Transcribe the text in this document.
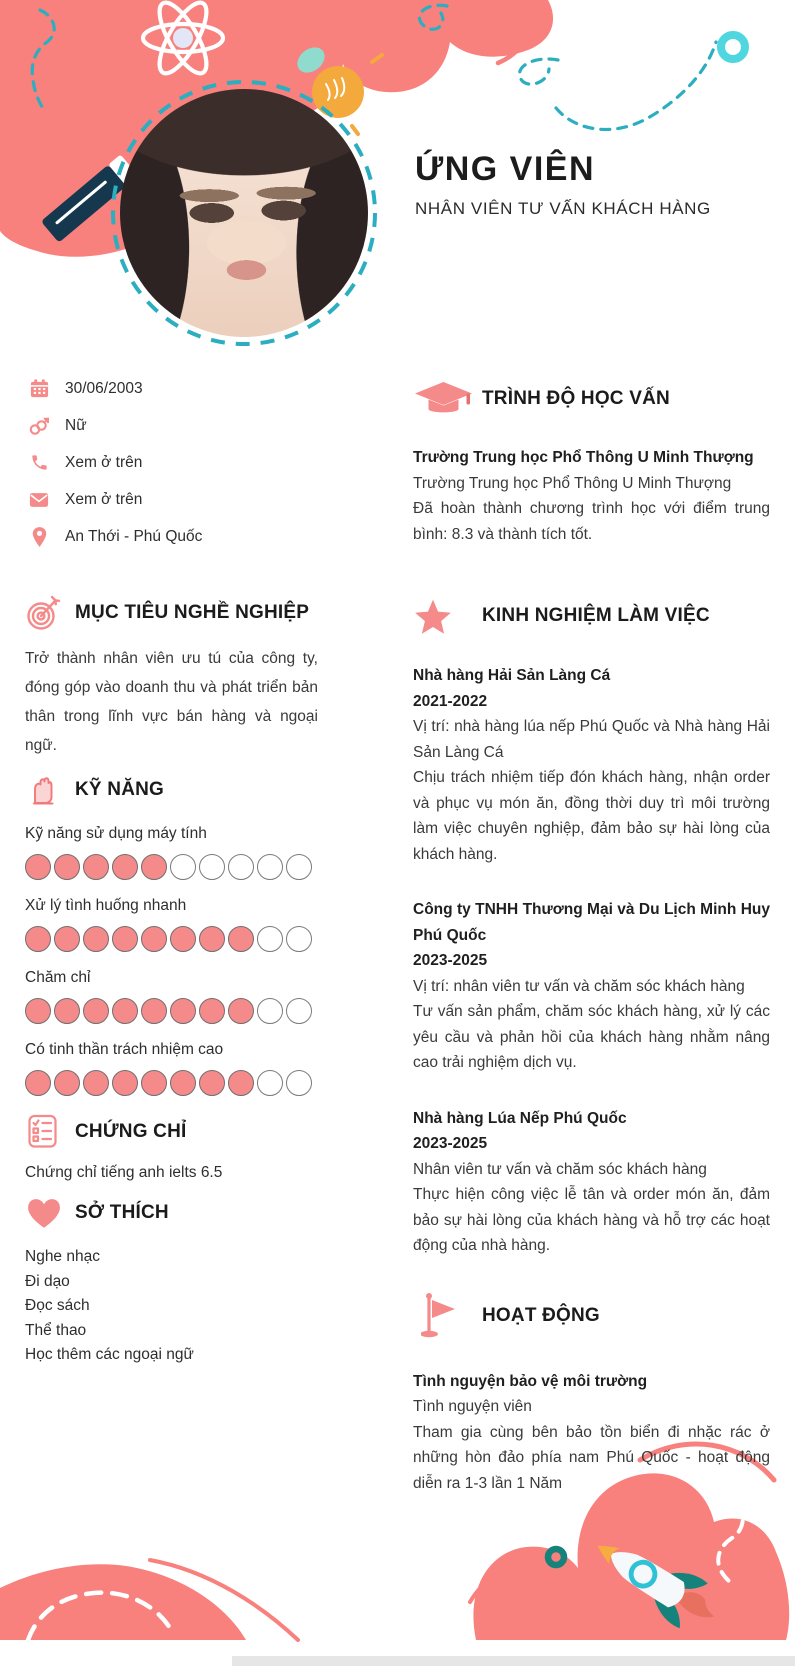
ỨNG VIÊN
NHÂN VIÊN TƯ VẤN KHÁCH HÀNG
30/06/2003
Nữ
Xem ở trên
Xem ở trên
An Thới - Phú Quốc
MỤC TIÊU NGHỀ NGHIỆP

Trở thành nhân viên ưu tú của công ty, đóng góp vào doanh thu và phát triển bản thân trong lĩnh vực bán hàng và ngoại ngữ.

KỸ NĂNG
Kỹ năng sử dụng máy tính
Xử lý tình huống nhanh
Chăm chỉ
Có tinh thần trách nhiệm cao
CHỨNG CHỈ
Chứng chỉ tiếng anh ielts 6.5
SỞ THÍCH
Nghe nhạc
Đi dạo
Đọc sách
Thể thao
Học thêm các ngoại ngữ
TRÌNH ĐỘ HỌC VẤN
Trường Trung học Phổ Thông U Minh Thượng
Trường Trung học Phổ Thông U Minh Thượng
Đã hoàn thành chương trình học với điểm trung bình: 8.3 và thành tích tốt.
KINH NGHIỆM LÀM VIỆC
Nhà hàng Hải Sản Làng Cá
2021-2022
Vị trí: nhà hàng lúa nếp Phú Quốc và Nhà hàng Hải Sản Làng Cá
Chịu trách nhiệm tiếp đón khách hàng, nhận order và phục vụ món ăn, đồng thời duy trì môi trường làm việc chuyên nghiệp, đảm bảo sự hài lòng của khách hàng.
Công ty TNHH Thương Mại và Du Lịch Minh Huy Phú Quốc
2023-2025
Vị trí: nhân viên tư vấn và chăm sóc khách hàng
Tư vấn sản phẩm, chăm sóc khách hàng, xử lý các yêu cầu và phản hồi của khách hàng nhằm nâng cao trải nghiệm dịch vụ.
Nhà hàng Lúa Nếp Phú Quốc
2023-2025
Nhân viên tư vấn và chăm sóc khách hàng
Thực hiện công việc lễ tân và order món ăn, đảm bảo sự hài lòng của khách hàng và hỗ trợ các hoạt động của nhà hàng.
HOẠT ĐỘNG
Tình nguyện bảo vệ môi trường
Tình nguyện viên
Tham gia cùng bên bảo tồn biển đi nhặc rác ở những hòn đảo phía nam Phú Quốc - hoạt động diễn ra 1-3 lần 1 Năm
